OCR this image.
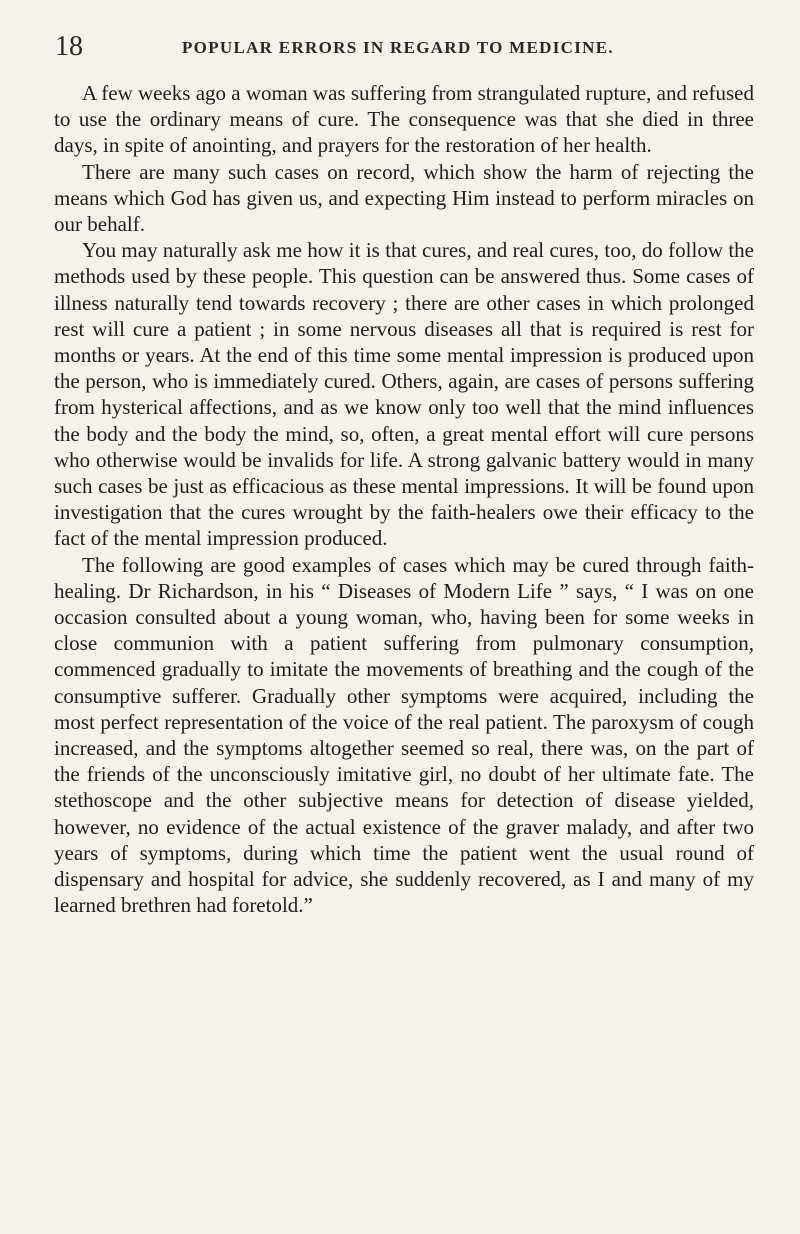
18	POPULAR ERRORS IN REGARD TO MEDICINE.

A few weeks ago a woman was suffering from strangulated rupture, and refused to use the ordinary means of cure. The consequence was that she died in three days, in spite of anointing, and prayers for the restoration of her health.

There are many such cases on record, which show the harm of rejecting the means which God has given us, and expecting Him instead to perform miracles on our behalf.

You may naturally ask me how it is that cures, and real cures, too, do follow the methods used by these people. This question can be answered thus. Some cases of illness naturally tend towards recovery ; there are other cases in which prolonged rest will cure a patient ; in some nervous diseases all that is required is rest for months or years. At the end of this time some mental impression is produced upon the person, who is immediately cured. Others, again, are cases of persons suffering from hysterical affections, and as we know only too well that the mind influences the body and the body the mind, so, often, a great mental effort will cure persons who otherwise would be invalids for life. A strong galvanic battery would in many such cases be just as efficacious as these mental impressions. It will be found upon investigation that the cures wrought by the faith-healers owe their efficacy to the fact of the mental impression produced.

The following are good examples of cases which may be cured through faith-healing. Dr Richardson, in his “ Diseases of Modern Life ” says, “ I was on one occasion consulted about a young woman, who, having been for some weeks in close communion with a patient suffering from pulmonary consumption, commenced gradually to imitate the movements of breathing and the cough of the consumptive sufferer. Gradually other symptoms were acquired, including the most perfect representation of the voice of the real patient. The paroxysm of cough increased, and the symptoms altogether seemed so real, there was, on the part of the friends of the unconsciously imitative girl, no doubt of her ultimate fate. The stethoscope and the other subjective means for detection of disease yielded, however, no evidence of the actual existence of the graver malady, and after two years of symptoms, during which time the patient went the usual round of dispensary and hospital for advice, she suddenly recovered, as I and many of my learned brethren had foretold.”
